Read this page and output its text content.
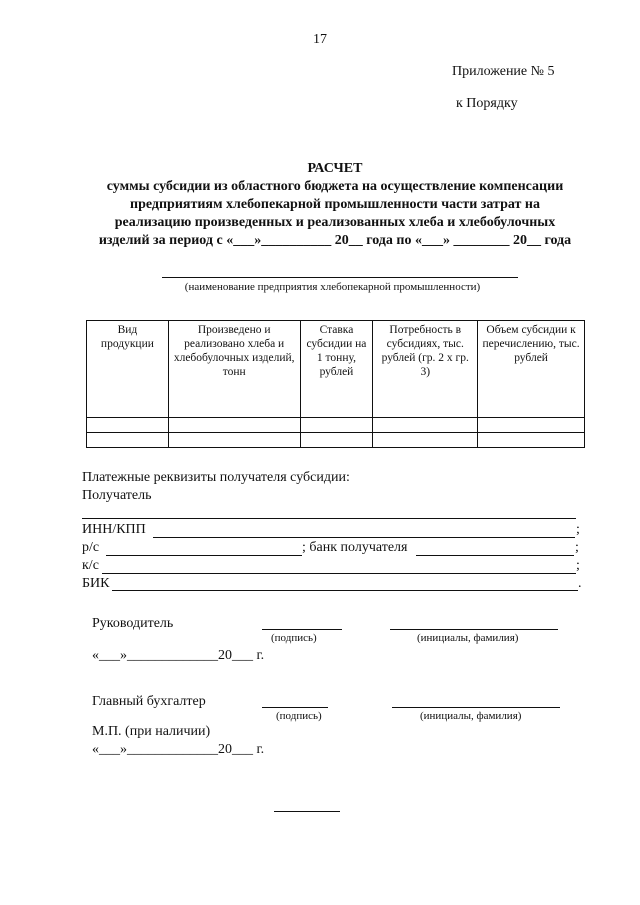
17
Приложение № 5
к Порядку
РАСЧЕТ
суммы субсидии из областного бюджета на осуществление компенсации
предприятиям хлебопекарной промышленности части затрат на
реализацию произведенных и реализованных хлеба и хлебобулочных
изделий за период с «___»__________ 20__ года по «___» ________ 20__ года
(наименование предприятия хлебопекарной промышленности)
Вид продукции	Произведено и реализовано хлеба и хлебобулочных изделий, тонн	Ставка субсидии на 1 тонну, рублей	Потребность в субсидиях, тыс. рублей (гр. 2 х гр. 3)	Объем субсидии к перечислению, тыс. рублей

Платежные реквизиты получателя субсидии:
Получатель
ИНН/КПП	;
р/с	; банк получателя	;
к/с	;
БИК	.
Руководитель
(подпись)	(инициалы, фамилия)
«___»_____________20___ г.
Главный бухгалтер
(подпись)	(инициалы, фамилия)
М.П. (при наличии)
«___»_____________20___ г.
